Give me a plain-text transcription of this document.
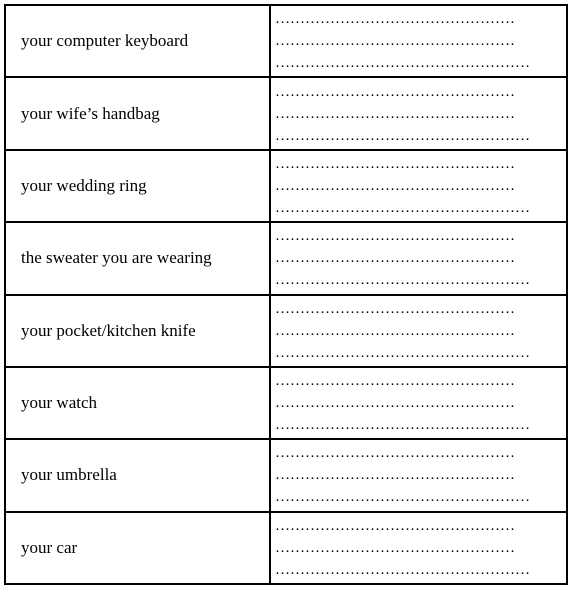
your computer keyboard	…………………………………………
…………………………………………
……………………………………………

your wife’s handbag	…………………………………………
…………………………………………
……………………………………………

your wedding ring	…………………………………………
…………………………………………
……………………………………………

the sweater you are wearing	…………………………………………
…………………………………………
……………………………………………

your pocket/kitchen knife	…………………………………………
…………………………………………
……………………………………………

your watch	…………………………………………
…………………………………………
……………………………………………

your umbrella	…………………………………………
…………………………………………
……………………………………………

your car	…………………………………………
…………………………………………
……………………………………………
